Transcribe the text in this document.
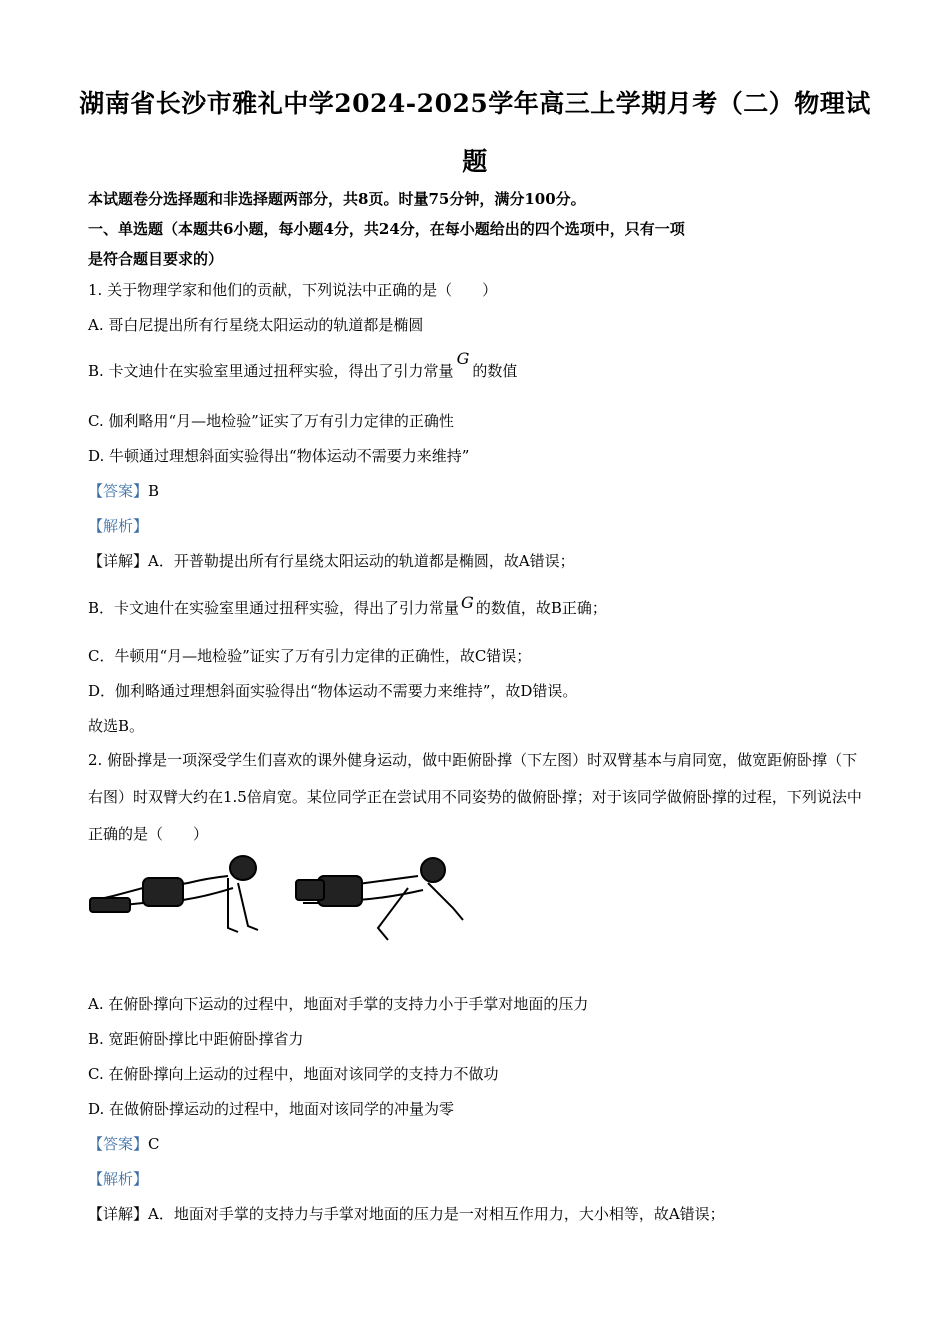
湖南省长沙市雅礼中学2024-2025学年高三上学期月考（二）物理试
题
本试题卷分选择题和非选择题两部分，共8页。时量75分钟，满分100分。
一、单选题（本题共6小题，每小题4分，共24分，在每小题给出的四个选项中，只有一项
是符合题目要求的）
1. 关于物理学家和他们的贡献，下列说法中正确的是（　　）
A. 哥白尼提出所有行星绕太阳运动的轨道都是椭圆
B. 卡文迪什在实验室里通过扭秤实验，得出了引力常量G的数值
C. 伽利略用“月—地检验”证实了万有引力定律的正确性
D. 牛顿通过理想斜面实验得出“物体运动不需要力来维持”
【答案】B
【解析】
【详解】A．开普勒提出所有行星绕太阳运动的轨道都是椭圆，故A错误；
B．卡文迪什在实验室里通过扭秤实验，得出了引力常量 G 的数值，故B正确；
C．牛顿用“月—地检验”证实了万有引力定律的正确性，故C错误；
D．伽利略通过理想斜面实验得出“物体运动不需要力来维持”，故D错误。
故选B。
2. 俯卧撑是一项深受学生们喜欢的课外健身运动，做中距俯卧撑（下左图）时双臂基本与肩同宽，做宽距俯卧撑（下右图）时双臂大约在1.5倍肩宽。某位同学正在尝试用不同姿势的做俯卧撑；对于该同学做俯卧撑的过程，下列说法中正确的是（　　）
A. 在俯卧撑向下运动的过程中，地面对手掌的支持力小于手掌对地面的压力
B. 宽距俯卧撑比中距俯卧撑省力
C. 在俯卧撑向上运动的过程中，地面对该同学的支持力不做功
D. 在做俯卧撑运动的过程中，地面对该同学的冲量为零
【答案】C
【解析】
【详解】A．地面对手掌的支持力与手掌对地面的压力是一对相互作用力，大小相等，故A错误；
